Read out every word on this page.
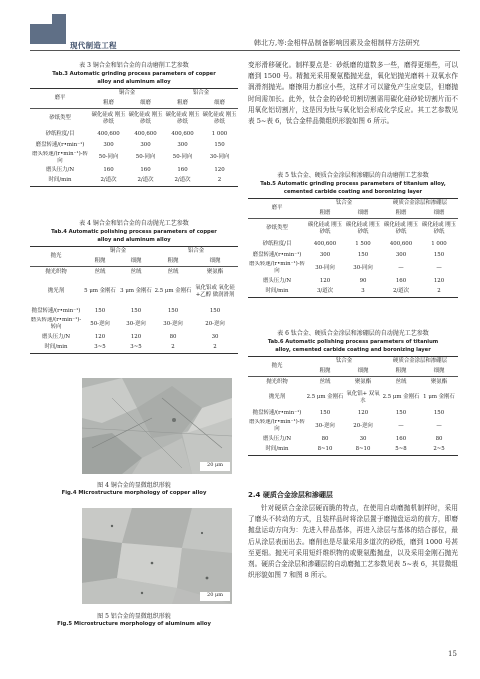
现代制造工程	韩北方,等:金相样品制备影响因素及金相制样方法研究
表 3 铜合金和铝合金的自动磨削工艺参数
Tab.3 Automatic grinding process parameters of copper
alloy and aluminum alloy
磨平	铜合金		铝合金	
	粗磨	细磨	粗磨	细磨
砂纸类型	碳化硅或 刚玉砂纸	碳化硅或 刚玉砂纸	碳化硅或 刚玉砂纸	碳化硅或 刚玉砂纸
砂纸粒度/目	400,600	400,600	400,600	1 000
磨盘转速/(r•min⁻¹)	300	300	300	150
磨头转速/(r•min⁻¹)-转向	50-同向	50-同向	50-同向	30-同向
磨头压力/N	160	160	160	120
时间/min	2/道次	2/道次	2/道次	2
表 4 铜合金和铝合金的自动抛光工艺参数
Tab.4 Automatic polishing process parameters of copper
alloy and aluminum alloy
抛光	铜合金		铝合金	
	粗抛	细抛	粗抛	细抛
抛光织物	丝绒	丝绒	丝绒	聚氨酯
抛光剂	5 μm 金刚石	3 μm 金刚石	2.5 μm 金刚石	氧化铝或 氧化硅+乙醇 做润滑剂
抛盘转速/(r•min⁻¹)	150	150	150	150
磨头转速/(r•min⁻¹)-转向	50-逆向	30-逆向	30-逆向	20-逆向
磨头压力/N	120	120	80	30
时间/min	3~5	3~5	2	2
20 μm
图 4 铜合金的显微组织形貌
Fig.4 Microstructure morphology of copper alloy
20 μm
图 5 铝合金的显微组织形貌
Fig.5 Microstructure morphology of aluminum alloy
变形滑移硬化。制样要点是：砂纸磨的道数多一些，磨得更细些，可以磨到 1500 号。精抛光采用聚氨酯抛光盘，氧化铝抛光磨料＋双氧水作润滑剂抛光。磨擦用力都应小些，这样才可以避免产生应变层，但磨抛时间需加长。此外，钛合金的砂轮切割切割需用碳化硅砂轮切割片而不用氧化铝切割片，这是因为钛与氧化铝会形成化学反应。其工艺参数见表 5~表 6，钛合金样品微组织形貌如图 6 所示。
表 5 钛合金、硬质合金涂层和渗硼层的自动磨削工艺参数
Tab.5 Automatic grinding process parameters of titanium alloy,
cemented carbide coating and boronizing layer
磨平	钛合金		硬质合金涂层和渗硼层	
	粗磨	细磨	粗磨	细磨
砂纸类型	碳化硅或 刚玉砂纸	碳化硅或 刚玉砂纸	碳化硅或 刚玉砂纸	碳化硅或 刚玉砂纸
砂纸粒度/目	400,600	1 500	400,600	1 000
磨盘转速/(r•min⁻¹)	300	150	300	150
磨头转速/(r•min⁻¹)-转向	30-同向	30-同向	—	—
磨头压力/N	120	90	160	120
时间/min	3/道次	3	2/道次	2
表 6 钛合金、硬质合金涂层和渗硼层的自动抛光工艺参数
Tab.6 Automatic polishing process parameters of titanium
alloy, cemented carbide coating and boronizing layer
抛光	钛合金		硬质合金涂层和渗硼层	
	粗抛	细抛	粗抛	细抛
抛光织物	丝绒	聚氨酯	丝绒	聚氨酯
抛光剂	2.5 μm 金刚石	氧化铝+ 双氧水	2.5 μm 金刚石	1 μm 金刚石
抛盘转速/(r•min⁻¹)	150	120	150	150
磨头转速/(r•min⁻¹)-转向	30-逆向	20-逆向	—	—
磨头压力/N	80	30	160	80
时间/min	8~10	8~10	5~8	2~5
2.4 硬质合金涂层和渗硼层
针对硬质合金涂层硬而脆的特点，在使用自动磨抛机制样时，采用了磨头不转动的方式，且装样品时将涂层置于磨抛盘运动的前方，即磨抛盘运动方向为：先进入样品基体，再进入涂层与基体的结合部位，最后从涂层表面出去。磨削也是尽量采用多道次的砂纸，磨到 1000 号甚至更细。抛光可采用短纤维织物的或聚氨酯抛盘，以及采用金刚石抛光剂。硬质合金涂层和渗硼层的自动磨抛工艺参数见表 5~表 6，其显微组织形貌如图 7 和图 8 所示。
15
